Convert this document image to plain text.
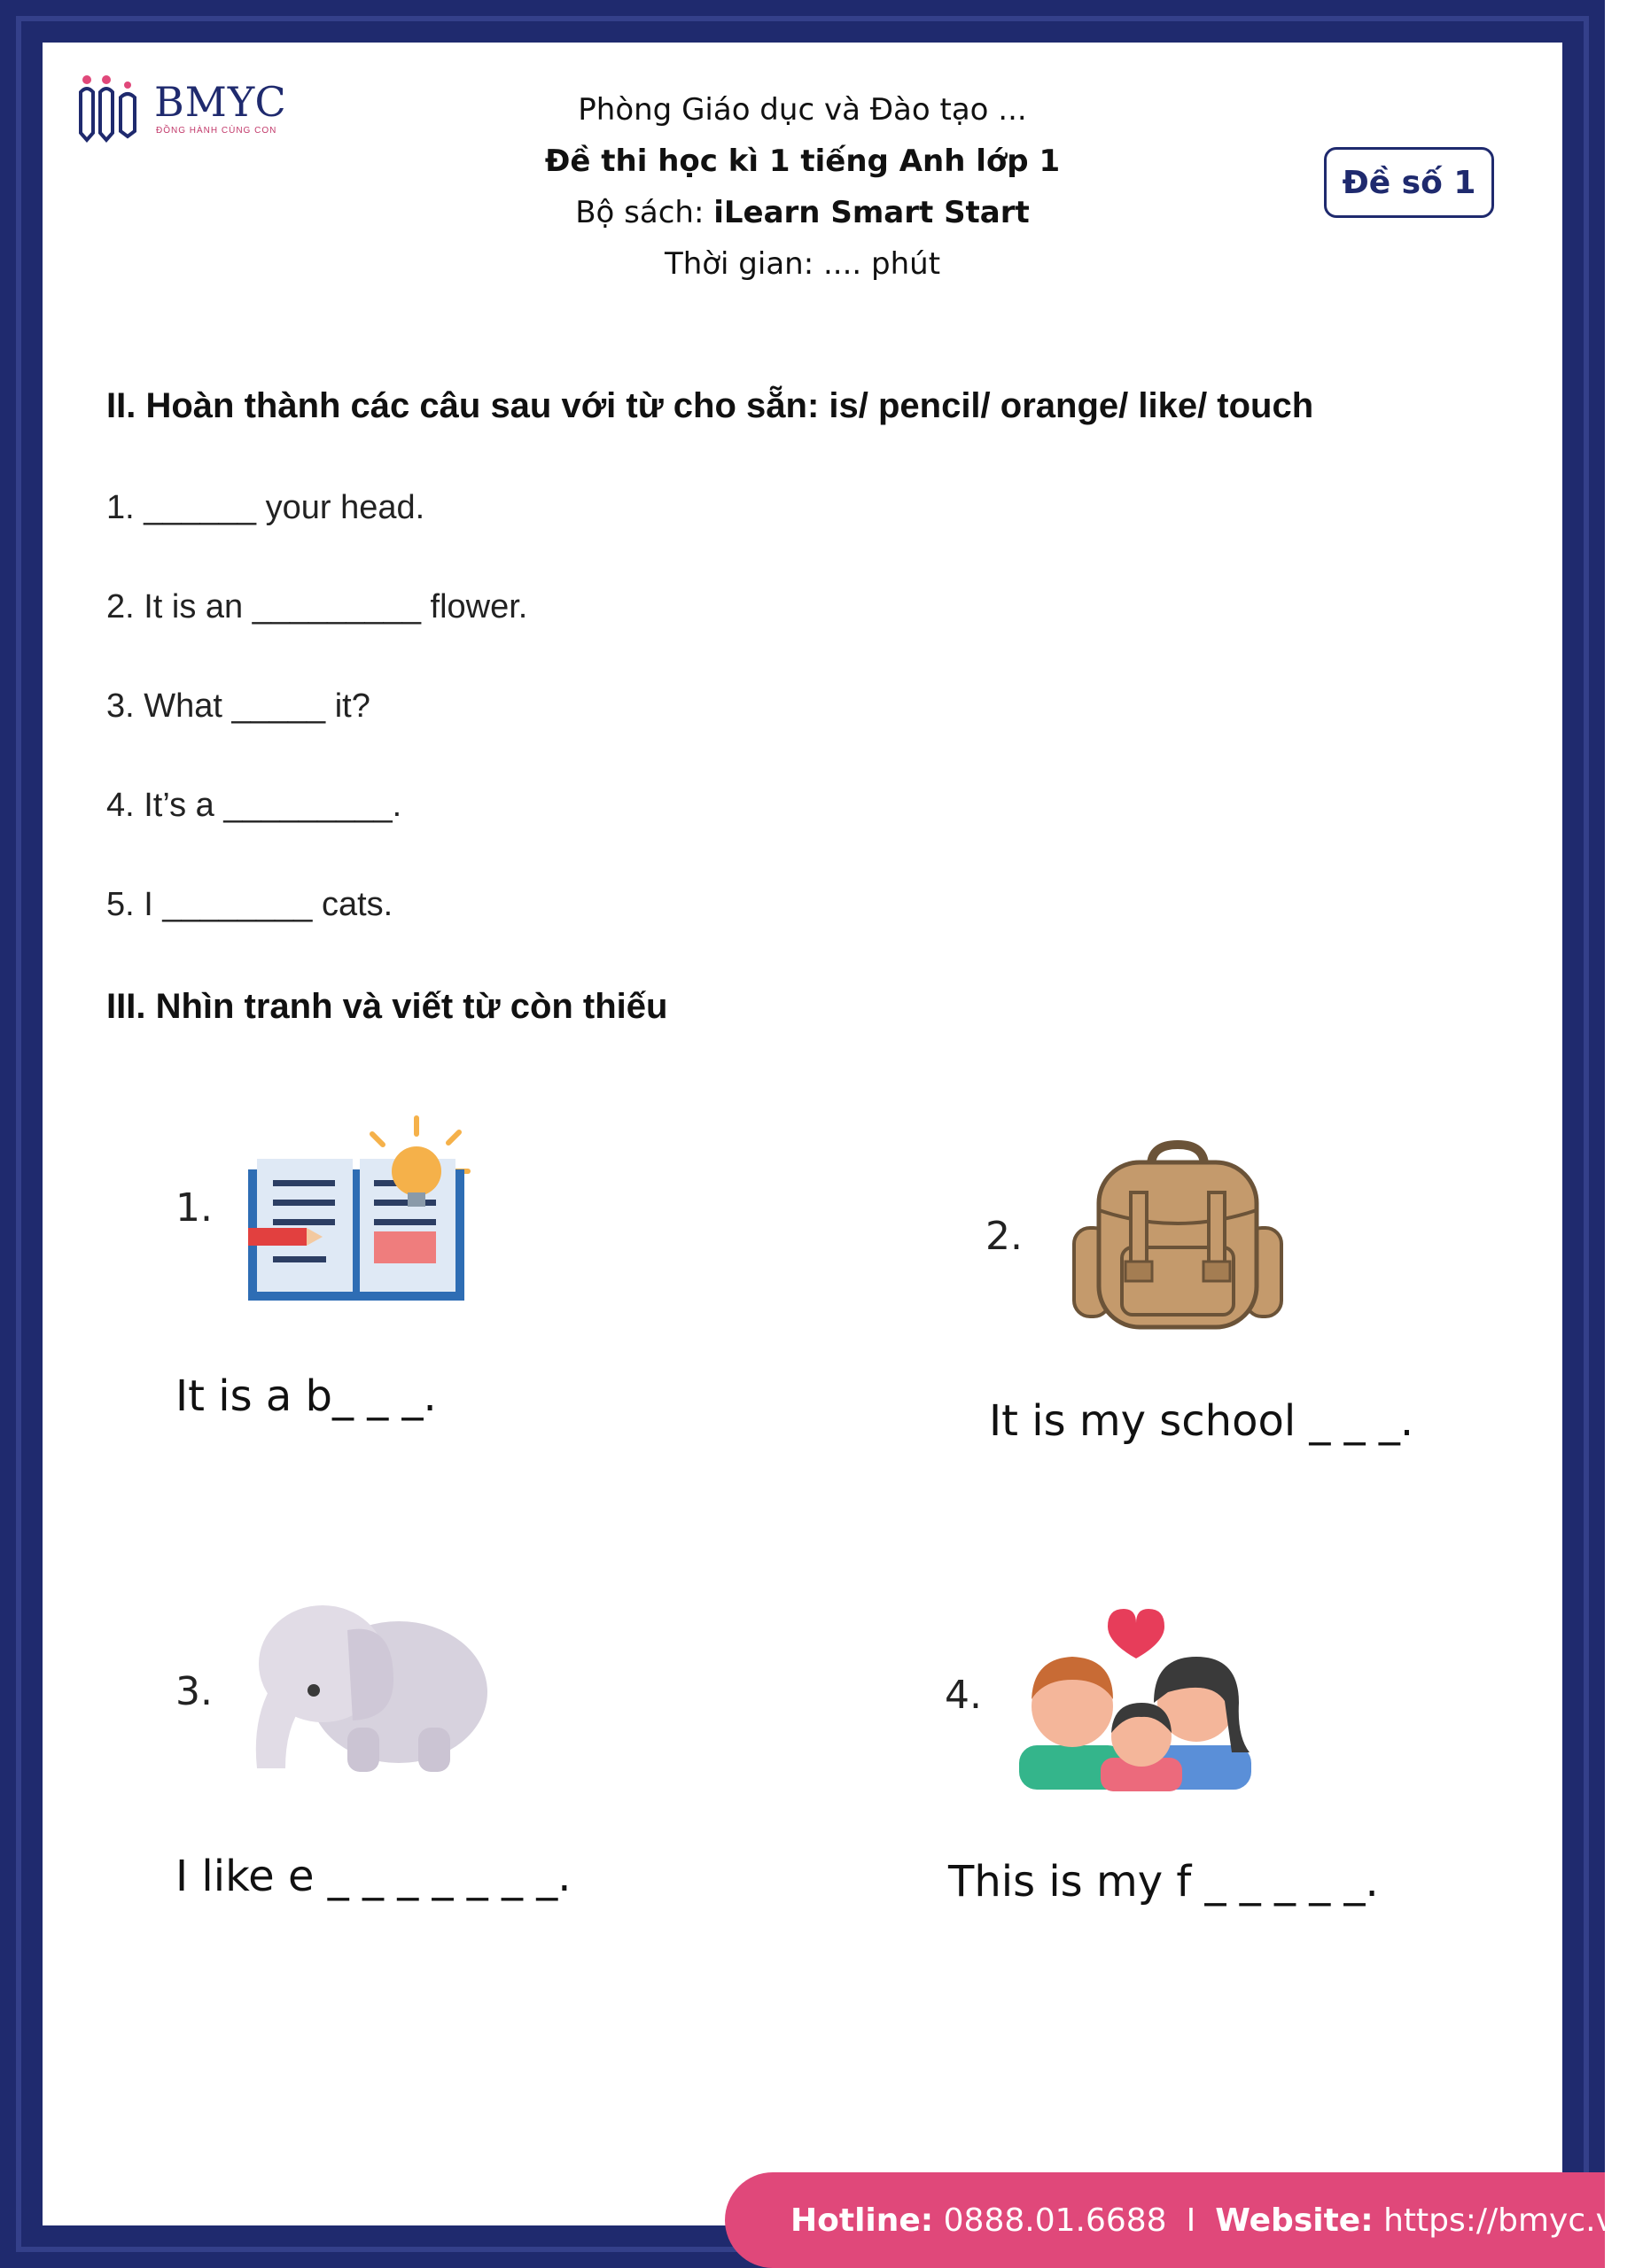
BMYC
ĐỒNG HÀNH CÙNG CON
Phòng Giáo dục và Đào tạo ...
Đề thi học kì 1 tiếng Anh lớp 1
Bộ sách: iLearn Smart Start
Thời gian: .... phút
Đề số 1
II. Hoàn thành các câu sau với từ cho sẵn: is/ pencil/ orange/ like/ touch
1. ______ your head.
2. It is an _________ flower.
3. What _____ it?
4. It’s a _________.
5. I ________ cats.
III. Nhìn tranh và viết từ còn thiếu
1.
It is a b_ _ _.
2.
It is my school _ _ _.
3.
I like e _ _ _ _ _ _ _.
4.
This is my f _ _ _ _ _.
Hotline:
0888.01.6688 I Website:
https://bmyc.vn
